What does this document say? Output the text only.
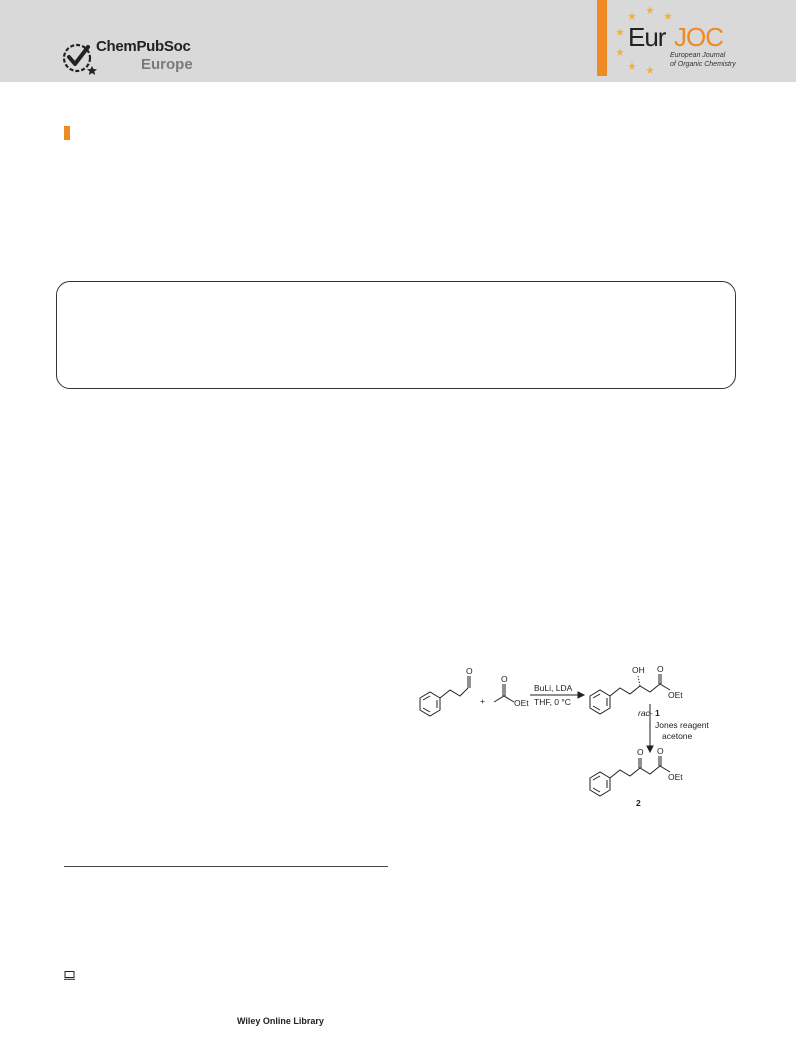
ChemPubSoc
Europe
Eur JOC
European Journal
of Organic Chemistry
O
+
O
OEt
BuLi, LDA
THF, 0 °C
OH O
OEt
rac- 1
Jones reagent
acetone
O O
OEt
2
Wiley Online Library
